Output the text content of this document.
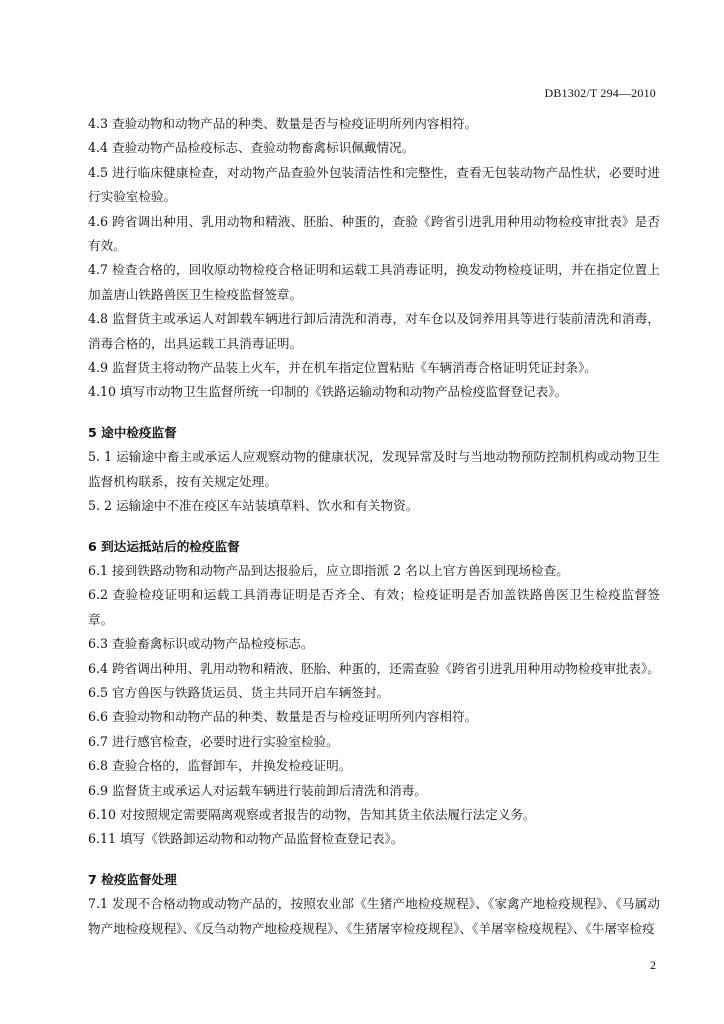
DB1302/T 294—2010

4.3 查验动物和动物产品的种类、数量是否与检疫证明所列内容相符。

4.4 查验动物产品检疫标志、查验动物畜禽标识佩戴情况。

4.5 进行临床健康检查，对动物产品查验外包装清洁性和完整性，查看无包装动物产品性状，必要时进行实验室检验。

4.6 跨省调出种用、乳用动物和精液、胚胎、种蛋的，查验《跨省引进乳用种用动物检疫审批表》是否有效。

4.7 检查合格的，回收原动物检疫合格证明和运载工具消毒证明，换发动物检疫证明，并在指定位置上加盖唐山铁路兽医卫生检疫监督签章。

4.8 监督货主或承运人对卸载车辆进行卸后清洗和消毒，对车仓以及饲养用具等进行装前清洗和消毒，消毒合格的，出具运载工具消毒证明。

4.9 监督货主将动物产品装上火车，并在机车指定位置粘贴《车辆消毒合格证明凭证封条》。

4.10 填写市动物卫生监督所统一印制的《铁路运输动物和动物产品检疫监督登记表》。

5 途中检疫监督

5. 1 运输途中畜主或承运人应观察动物的健康状况，发现异常及时与当地动物预防控制机构或动物卫生监督机构联系，按有关规定处理。

5. 2 运输途中不准在疫区车站装填草料、饮水和有关物资。

6 到达运抵站后的检疫监督

6.1 接到铁路动物和动物产品到达报验后，应立即指派 2 名以上官方兽医到现场检查。

6.2 查验检疫证明和运载工具消毒证明是否齐全、有效；检疫证明是否加盖铁路兽医卫生检疫监督签章。

6.3 查验畜禽标识或动物产品检疫标志。

6.4 跨省调出种用、乳用动物和精液、胚胎、种蛋的，还需查验《跨省引进乳用种用动物检疫审批表》。

6.5 官方兽医与铁路货运员、货主共同开启车辆签封。

6.6 查验动物和动物产品的种类、数量是否与检疫证明所列内容相符。

6.7 进行感官检查，必要时进行实验室检验。

6.8 查验合格的，监督卸车，并换发检疫证明。

6.9 监督货主或承运人对运载车辆进行装前卸后清洗和消毒。

6.10 对按照规定需要隔离观察或者报告的动物，告知其货主依法履行法定义务。

6.11 填写《铁路卸运动物和动物产品监督检查登记表》。

7 检疫监督处理

7.1 发现不合格动物或动物产品的，按照农业部《生猪产地检疫规程》、《家禽产地检疫规程》、《马属动物产地检疫规程》、《反刍动物产地检疫规程》、《生猪屠宰检疫规程》、《羊屠宰检疫规程》、《牛屠宰检疫

2
